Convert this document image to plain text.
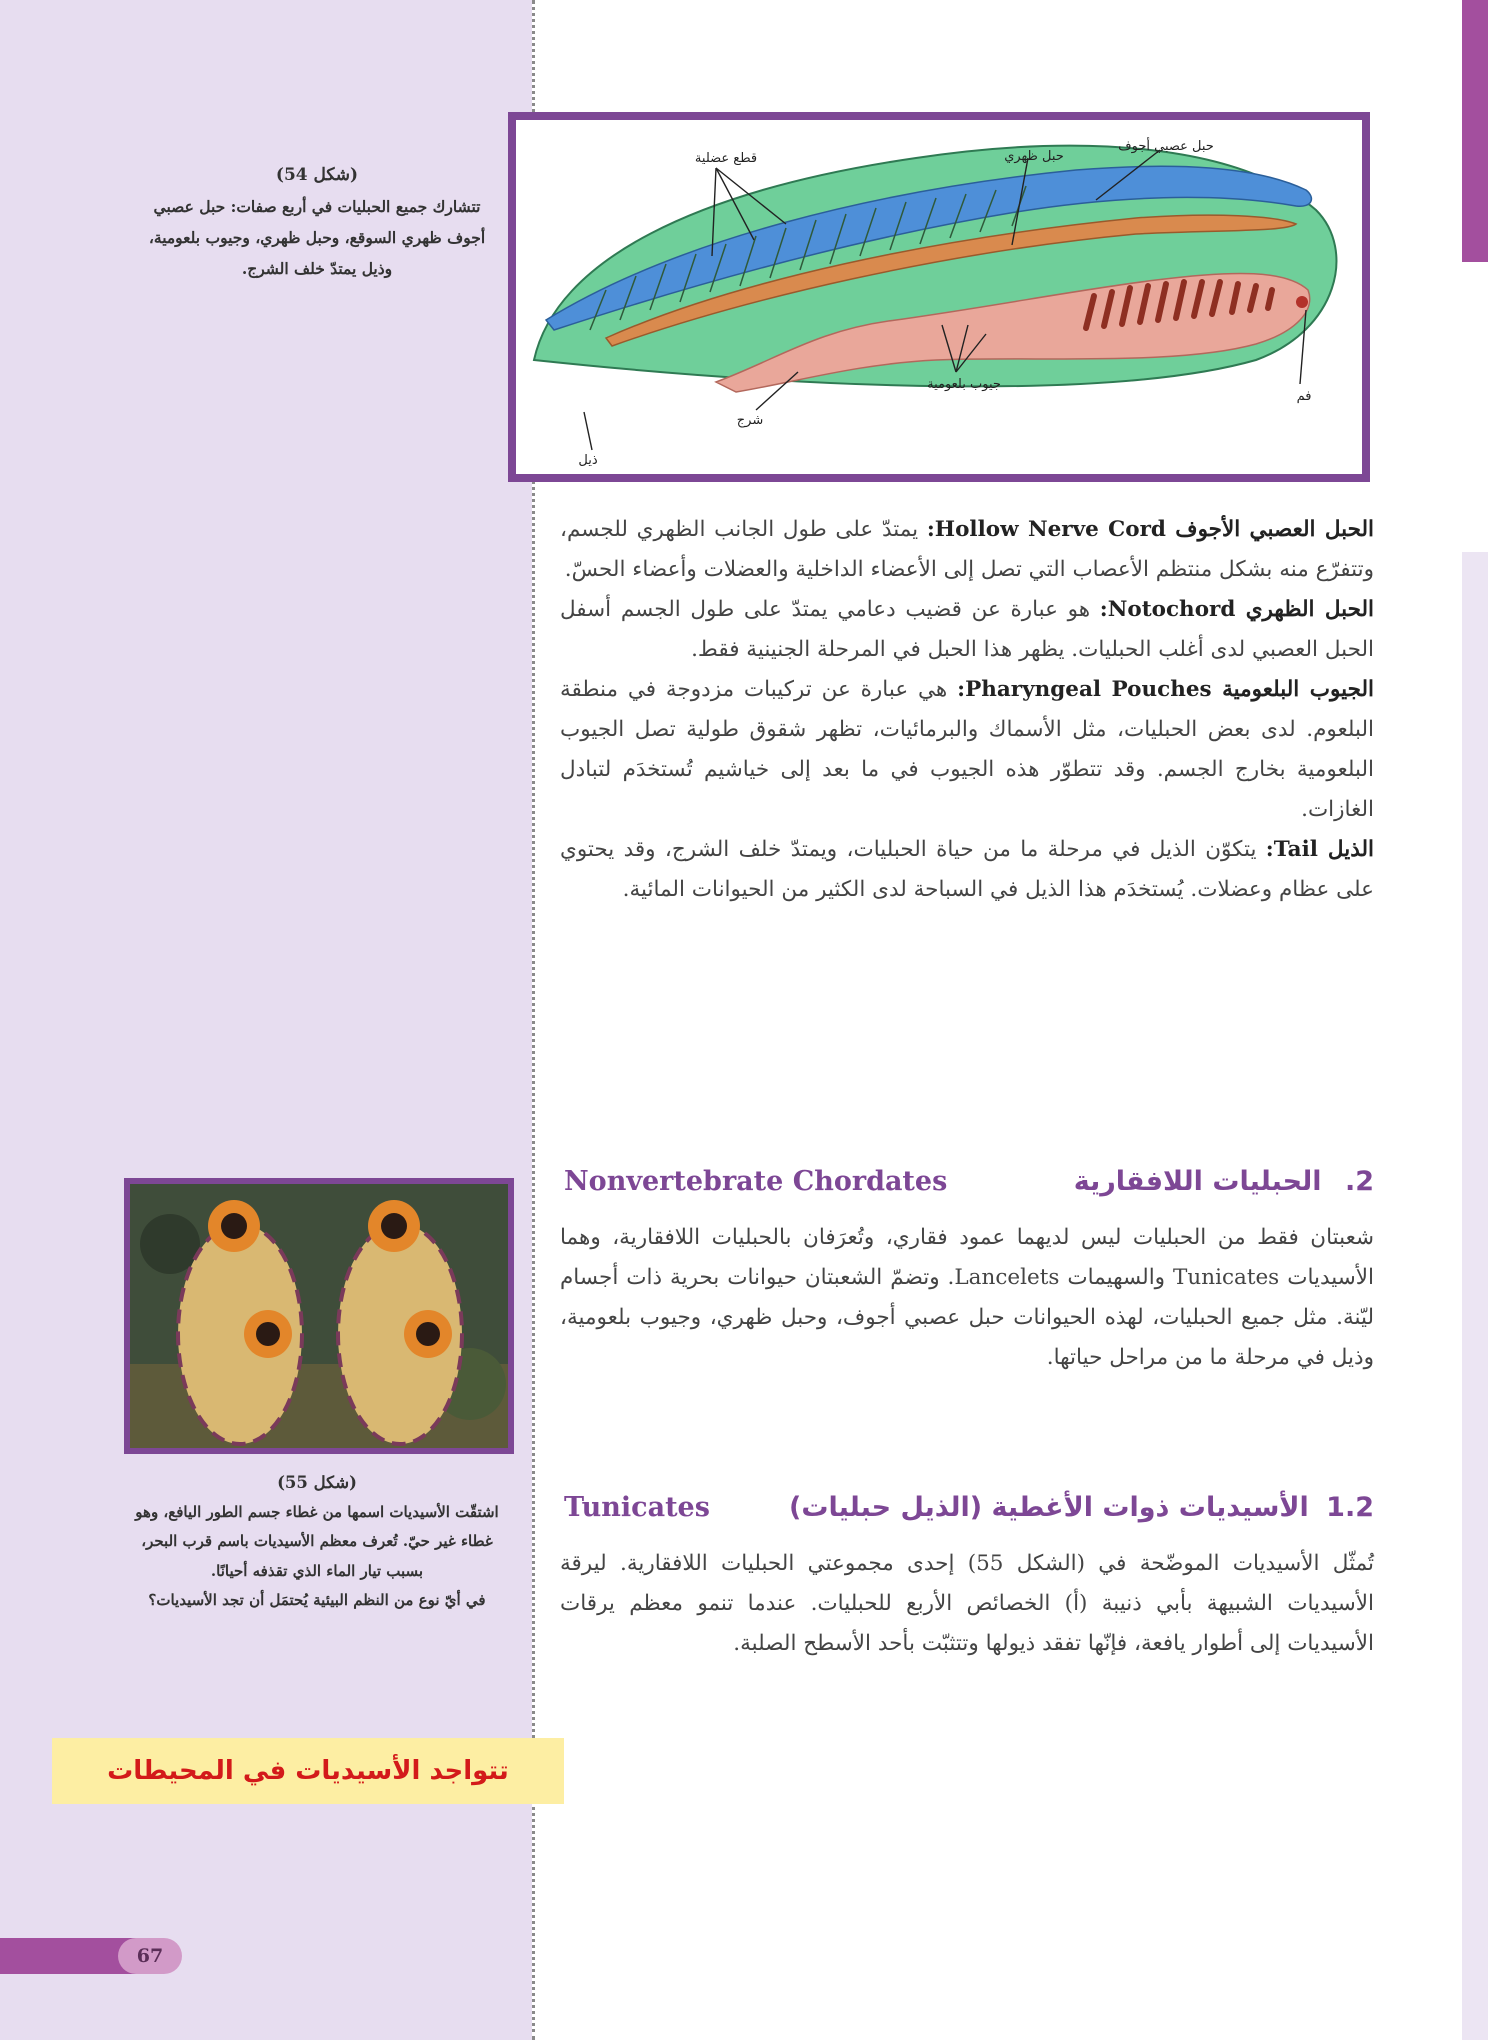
قطع عضلية	حبل ظهري
حبل عصبي أجوف
فم
جيوب بلعومية
شرج
ذيل
(شكل 54)
تتشارك جميع الحبليات في أربع صفات: حبل عصبي أجوف ظهري السوقع، وحبل ظهري، وجيوب بلعومية، وذيل يمتدّ خلف الشرج.

الحبل العصبي الأجوف Hollow Nerve Cord: يمتدّ على طول الجانب الظهري للجسم، وتتفرّع منه بشكل منتظم الأعصاب التي تصل إلى الأعضاء الداخلية والعضلات وأعضاء الحسّ.

الحبل الظهري Notochord: هو عبارة عن قضيب دعامي يمتدّ على طول الجسم أسفل الحبل العصبي لدى أغلب الحبليات. يظهر هذا الحبل في المرحلة الجنينية فقط.

الجيوب البلعومية Pharyngeal Pouches: هي عبارة عن تركيبات مزدوجة في منطقة البلعوم. لدى بعض الحبليات، مثل الأسماك والبرمائيات، تظهر شقوق طولية تصل الجيوب البلعومية بخارج الجسم. وقد تتطوّر هذه الجيوب في ما بعد إلى خياشيم تُستخدَم لتبادل الغازات.

الذيل Tail: يتكوّن الذيل في مرحلة ما من حياة الحبليات، ويمتدّ خلف الشرج، وقد يحتوي على عظام وعضلات. يُستخدَم هذا الذيل في السباحة لدى الكثير من الحيوانات المائية.

2. الحبليات اللافقارية
Nonvertebrate Chordates

شعبتان فقط من الحبليات ليس لديهما عمود فقاري، وتُعرَفان بالحبليات اللافقارية، وهما الأسيديات Tunicates والسهيمات Lancelets. وتضمّ الشعبتان حيوانات بحرية ذات أجسام ليّنة. مثل جميع الحبليات، لهذه الحيوانات حبل عصبي أجوف، وحبل ظهري، وجيوب بلعومية، وذيل في مرحلة ما من مراحل حياتها.

1.2 الأسيديات ذوات الأغطية (الذيل حبليات)
Tunicates

تُمثّل الأسيديات الموضّحة في (الشكل 55) إحدى مجموعتي الحبليات اللافقارية. ليرقة الأسيديات الشبيهة بأبي ذنيبة (أ) الخصائص الأربع للحبليات. عندما تنمو معظم يرقات الأسيديات إلى أطوار يافعة، فإنّها تفقد ذيولها وتتثبّت بأحد الأسطح الصلبة.

(شكل 55)
اشتقّت الأسيديات اسمها من غطاء جسم الطور اليافع، وهو غطاء غير حيّ. تُعرف معظم الأسيديات باسم قرب البحر، بسبب تيار الماء الذي تقذفه أحيانًا.
في أيّ نوع من النظم البيئية يُحتمَل أن تجد الأسيديات؟
تتواجد الأسيديات في المحيطات
67
